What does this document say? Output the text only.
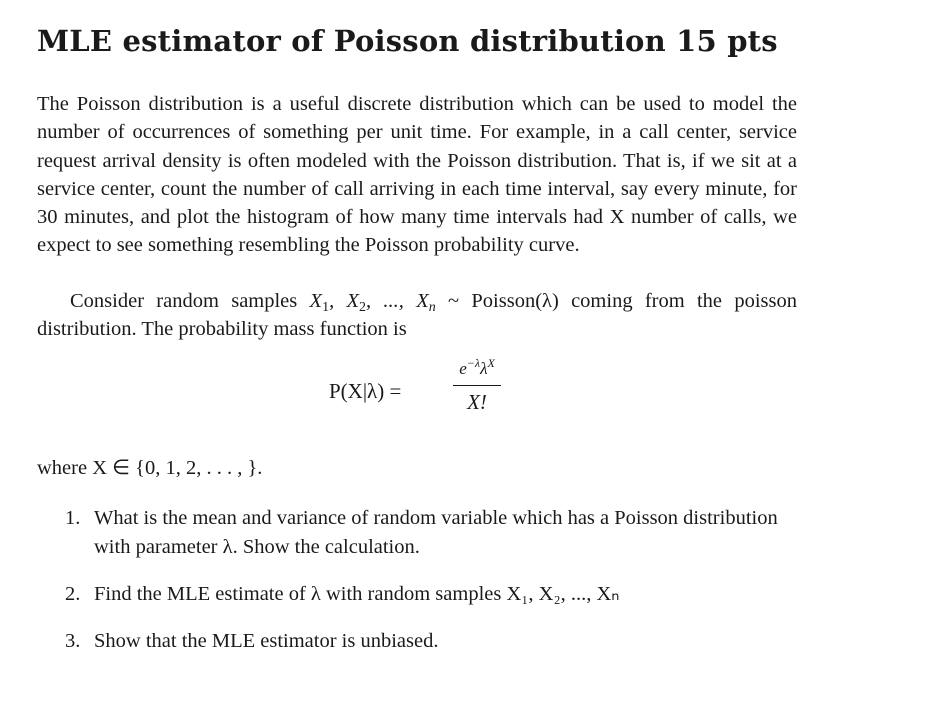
MLE estimator of Poisson distribution 15 pts

The Poisson distribution is a useful discrete distribution which can be used to model the number of occurrences of something per unit time. For example, in a call center, service request arrival density is often modeled with the Poisson distribution. That is, if we sit at a service center, count the number of call arriving in each time interval, say every minute, for 30 minutes, and plot the histogram of how many time intervals had X number of calls, we expect to see something resembling the Poisson probability curve.

Consider random samples $X_1$, $X_2$, ..., $X_n$ ~ Poisson(λ) coming from the poisson distribution. The probability mass function is

P(X|λ) =
$e^{-\lambda}\lambda^X$
X!

where X ∈ {0, 1, 2, . . . , }.

1. What is the mean and variance of random variable which has a Poisson distribution with parameter λ. Show the calculation.
2. Find the MLE estimate of λ with random samples X₁, X₂, ..., Xₙ
3. Show that the MLE estimator is unbiased.
